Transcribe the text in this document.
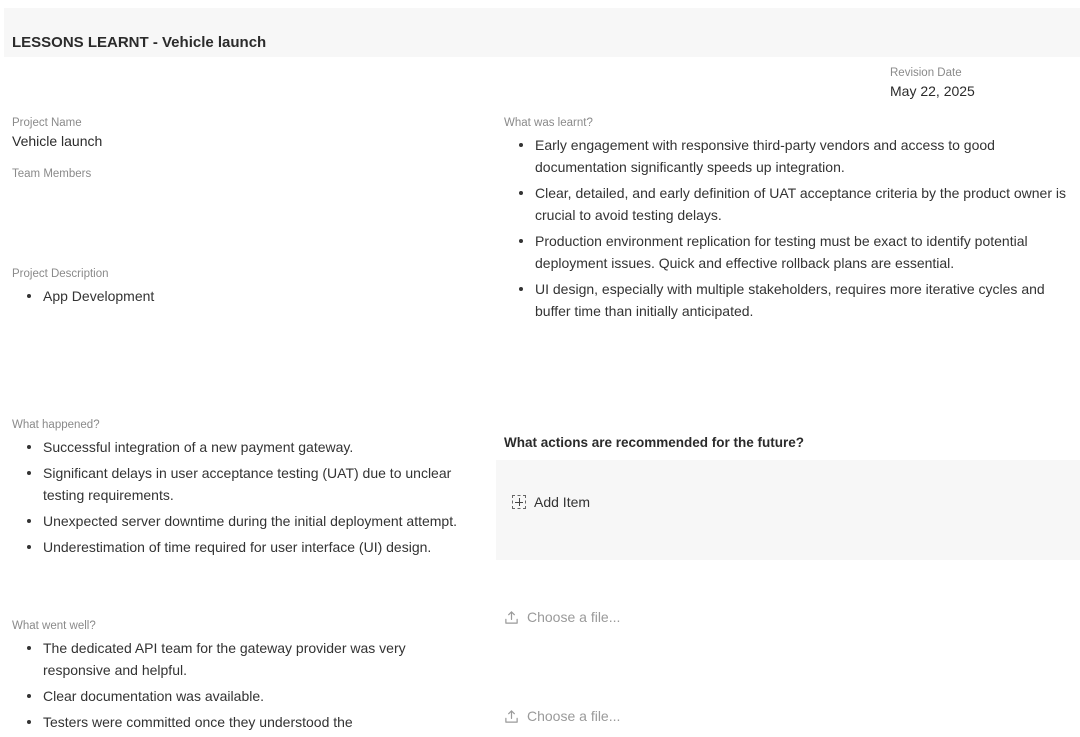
LESSONS LEARNT - Vehicle launch
Revision Date
May 22, 2025
Project Name
Vehicle launch
Team Members
Project Description
App Development
What happened?
Successful integration of a new payment gateway.
Significant delays in user acceptance testing (UAT) due to unclear testing requirements.
Unexpected server downtime during the initial deployment attempt.
Underestimation of time required for user interface (UI) design.
What went well?
The dedicated API team for the gateway provider was very responsive and helpful.
Clear documentation was available.
Testers were committed once they understood the
What was learnt?
Early engagement with responsive third-party vendors and access to good documentation significantly speeds up integration.
Clear, detailed, and early definition of UAT acceptance criteria by the product owner is crucial to avoid testing delays.
Production environment replication for testing must be exact to identify potential deployment issues. Quick and effective rollback plans are essential.
UI design, especially with multiple stakeholders, requires more iterative cycles and buffer time than initially anticipated.
What actions are recommended for the future?
Add Item
Choose a file...
Choose a file...
